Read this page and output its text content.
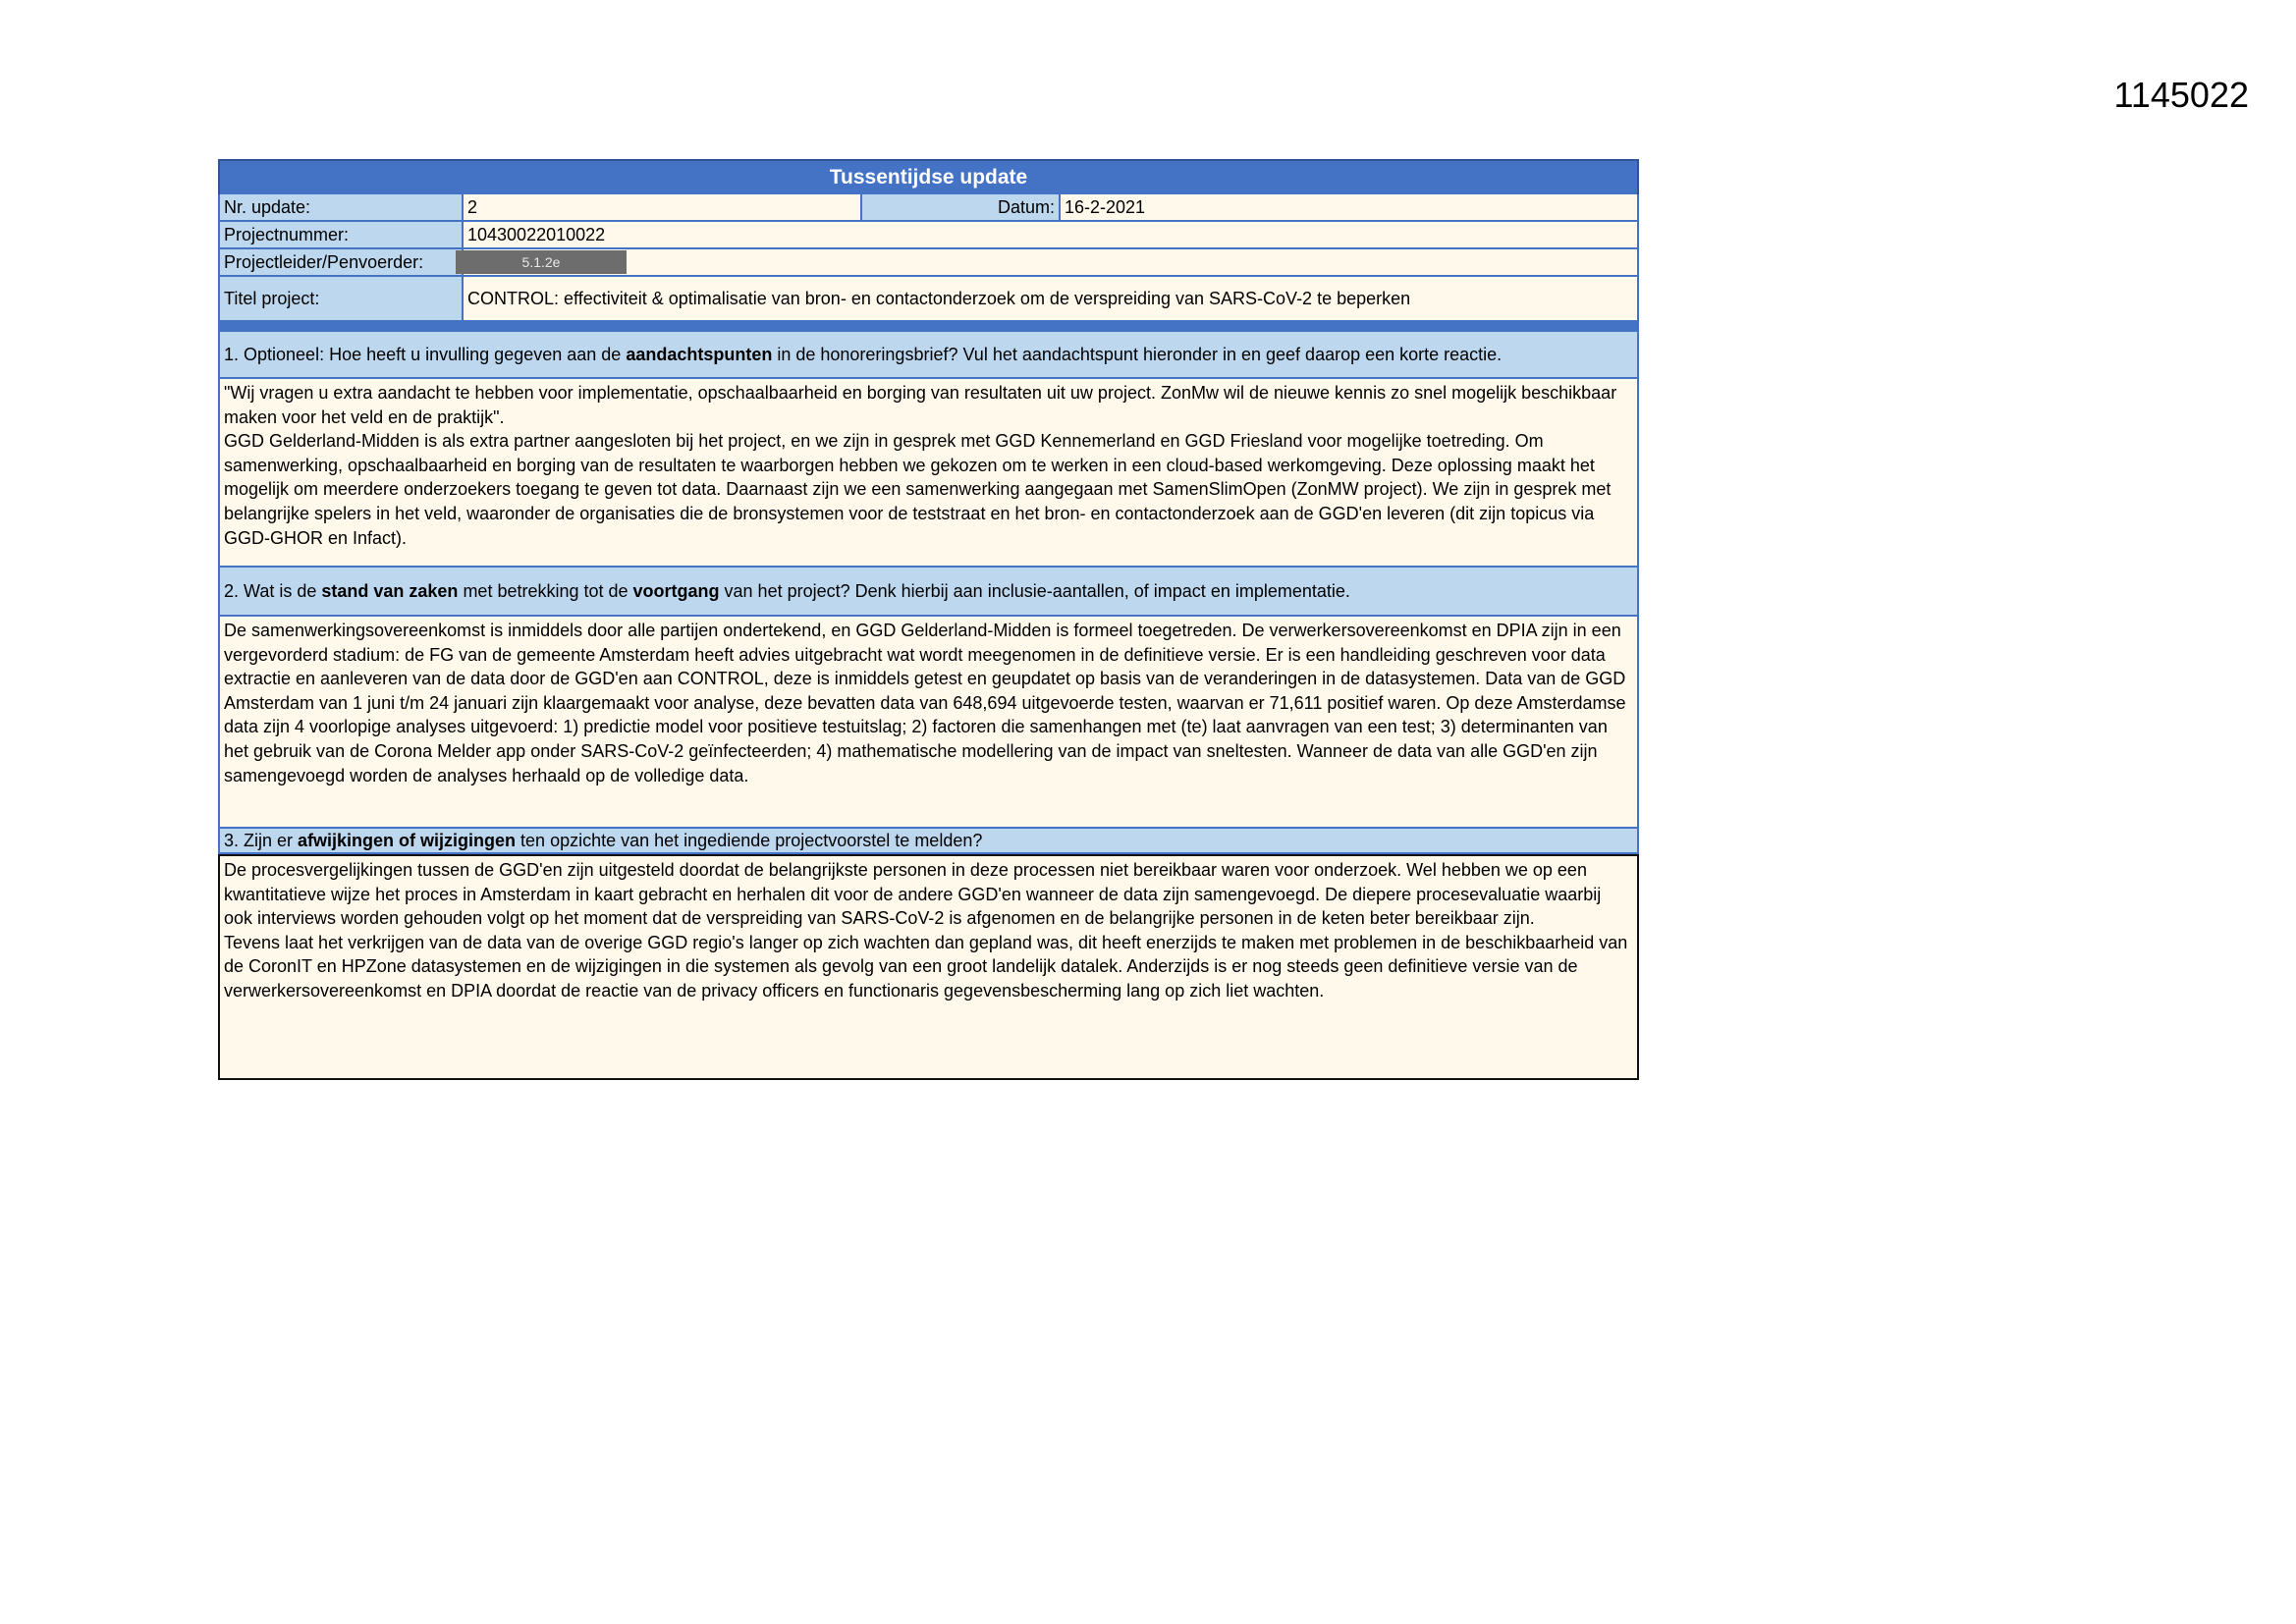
1145022
Tussentijdse update
Nr. update:	2	Datum: 16-2-2021
Projectnummer:	10430022010022
Projectleider/Penvoerder:	5.1.2e
Titel project:	CONTROL: effectiviteit & optimalisatie van bron- en contactonderzoek om de verspreiding van SARS-CoV-2 te beperken
1. Optioneel: Hoe heeft u invulling gegeven aan de aandachtspunten in de honoreringsbrief? Vul het aandachtspunt hieronder in en geef daarop een korte reactie.
"Wij vragen u extra aandacht te hebben voor implementatie, opschaalbaarheid en borging van resultaten uit uw project. ZonMw wil de nieuwe kennis zo snel mogelijk beschikbaar maken voor het veld en de praktijk".
GGD Gelderland-Midden is als extra partner aangesloten bij het project, en we zijn in gesprek met GGD Kennemerland en GGD Friesland voor mogelijke toetreding. Om samenwerking, opschaalbaarheid en borging van de resultaten te waarborgen hebben we gekozen om te werken in een cloud-based werkomgeving. Deze oplossing maakt het mogelijk om meerdere onderzoekers toegang te geven tot data. Daarnaast zijn we een samenwerking aangegaan met SamenSlimOpen (ZonMW project). We zijn in gesprek met belangrijke spelers in het veld, waaronder de organisaties die de bronsystemen voor de teststraat en het bron- en contactonderzoek aan de GGD'en leveren (dit zijn topicus via GGD-GHOR en Infact).
2. Wat is de stand van zaken met betrekking tot de voortgang van het project? Denk hierbij aan inclusie-aantallen, of impact en implementatie.
De samenwerkingsovereenkomst is inmiddels door alle partijen ondertekend, en GGD Gelderland-Midden is formeel toegetreden. De verwerkersovereenkomst en DPIA zijn in een vergevorderd stadium: de FG van de gemeente Amsterdam heeft advies uitgebracht wat wordt meegenomen in de definitieve versie. Er is een handleiding geschreven voor data extractie en aanleveren van de data door de GGD'en aan CONTROL, deze is inmiddels getest en geupdatet op basis van de veranderingen in de datasystemen. Data van de GGD Amsterdam van 1 juni t/m 24 januari zijn klaargemaakt voor analyse, deze bevatten data van 648,694 uitgevoerde testen, waarvan er 71,611 positief waren. Op deze Amsterdamse data zijn 4 voorlopige analyses uitgevoerd: 1) predictie model voor positieve testuitslag; 2) factoren die samenhangen met (te) laat aanvragen van een test; 3) determinanten van het gebruik van de Corona Melder app onder SARS-CoV-2 geïnfecteerden; 4) mathematische modellering van de impact van sneltesten. Wanneer de data van alle GGD'en zijn samengevoegd worden de analyses herhaald op de volledige data.
3. Zijn er afwijkingen of wijzigingen ten opzichte van het ingediende projectvoorstel te melden?
De procesvergelijkingen tussen de GGD'en zijn uitgesteld doordat de belangrijkste personen in deze processen niet bereikbaar waren voor onderzoek. Wel hebben we op een kwantitatieve wijze het proces in Amsterdam in kaart gebracht en herhalen dit voor de andere GGD'en wanneer de data zijn samengevoegd. De diepere procesevaluatie waarbij ook interviews worden gehouden volgt op het moment dat de verspreiding van SARS-CoV-2 is afgenomen en de belangrijke personen in de keten beter bereikbaar zijn.
Tevens laat het verkrijgen van de data van de overige GGD regio's langer op zich wachten dan gepland was, dit heeft enerzijds te maken met problemen in de beschikbaarheid van de CoronIT en HPZone datasystemen en de wijzigingen in die systemen als gevolg van een groot landelijk datalek. Anderzijds is er nog steeds geen definitieve versie van de verwerkersovereenkomst en DPIA doordat de reactie van de privacy officers en functionaris gegevensbescherming lang op zich liet wachten.
